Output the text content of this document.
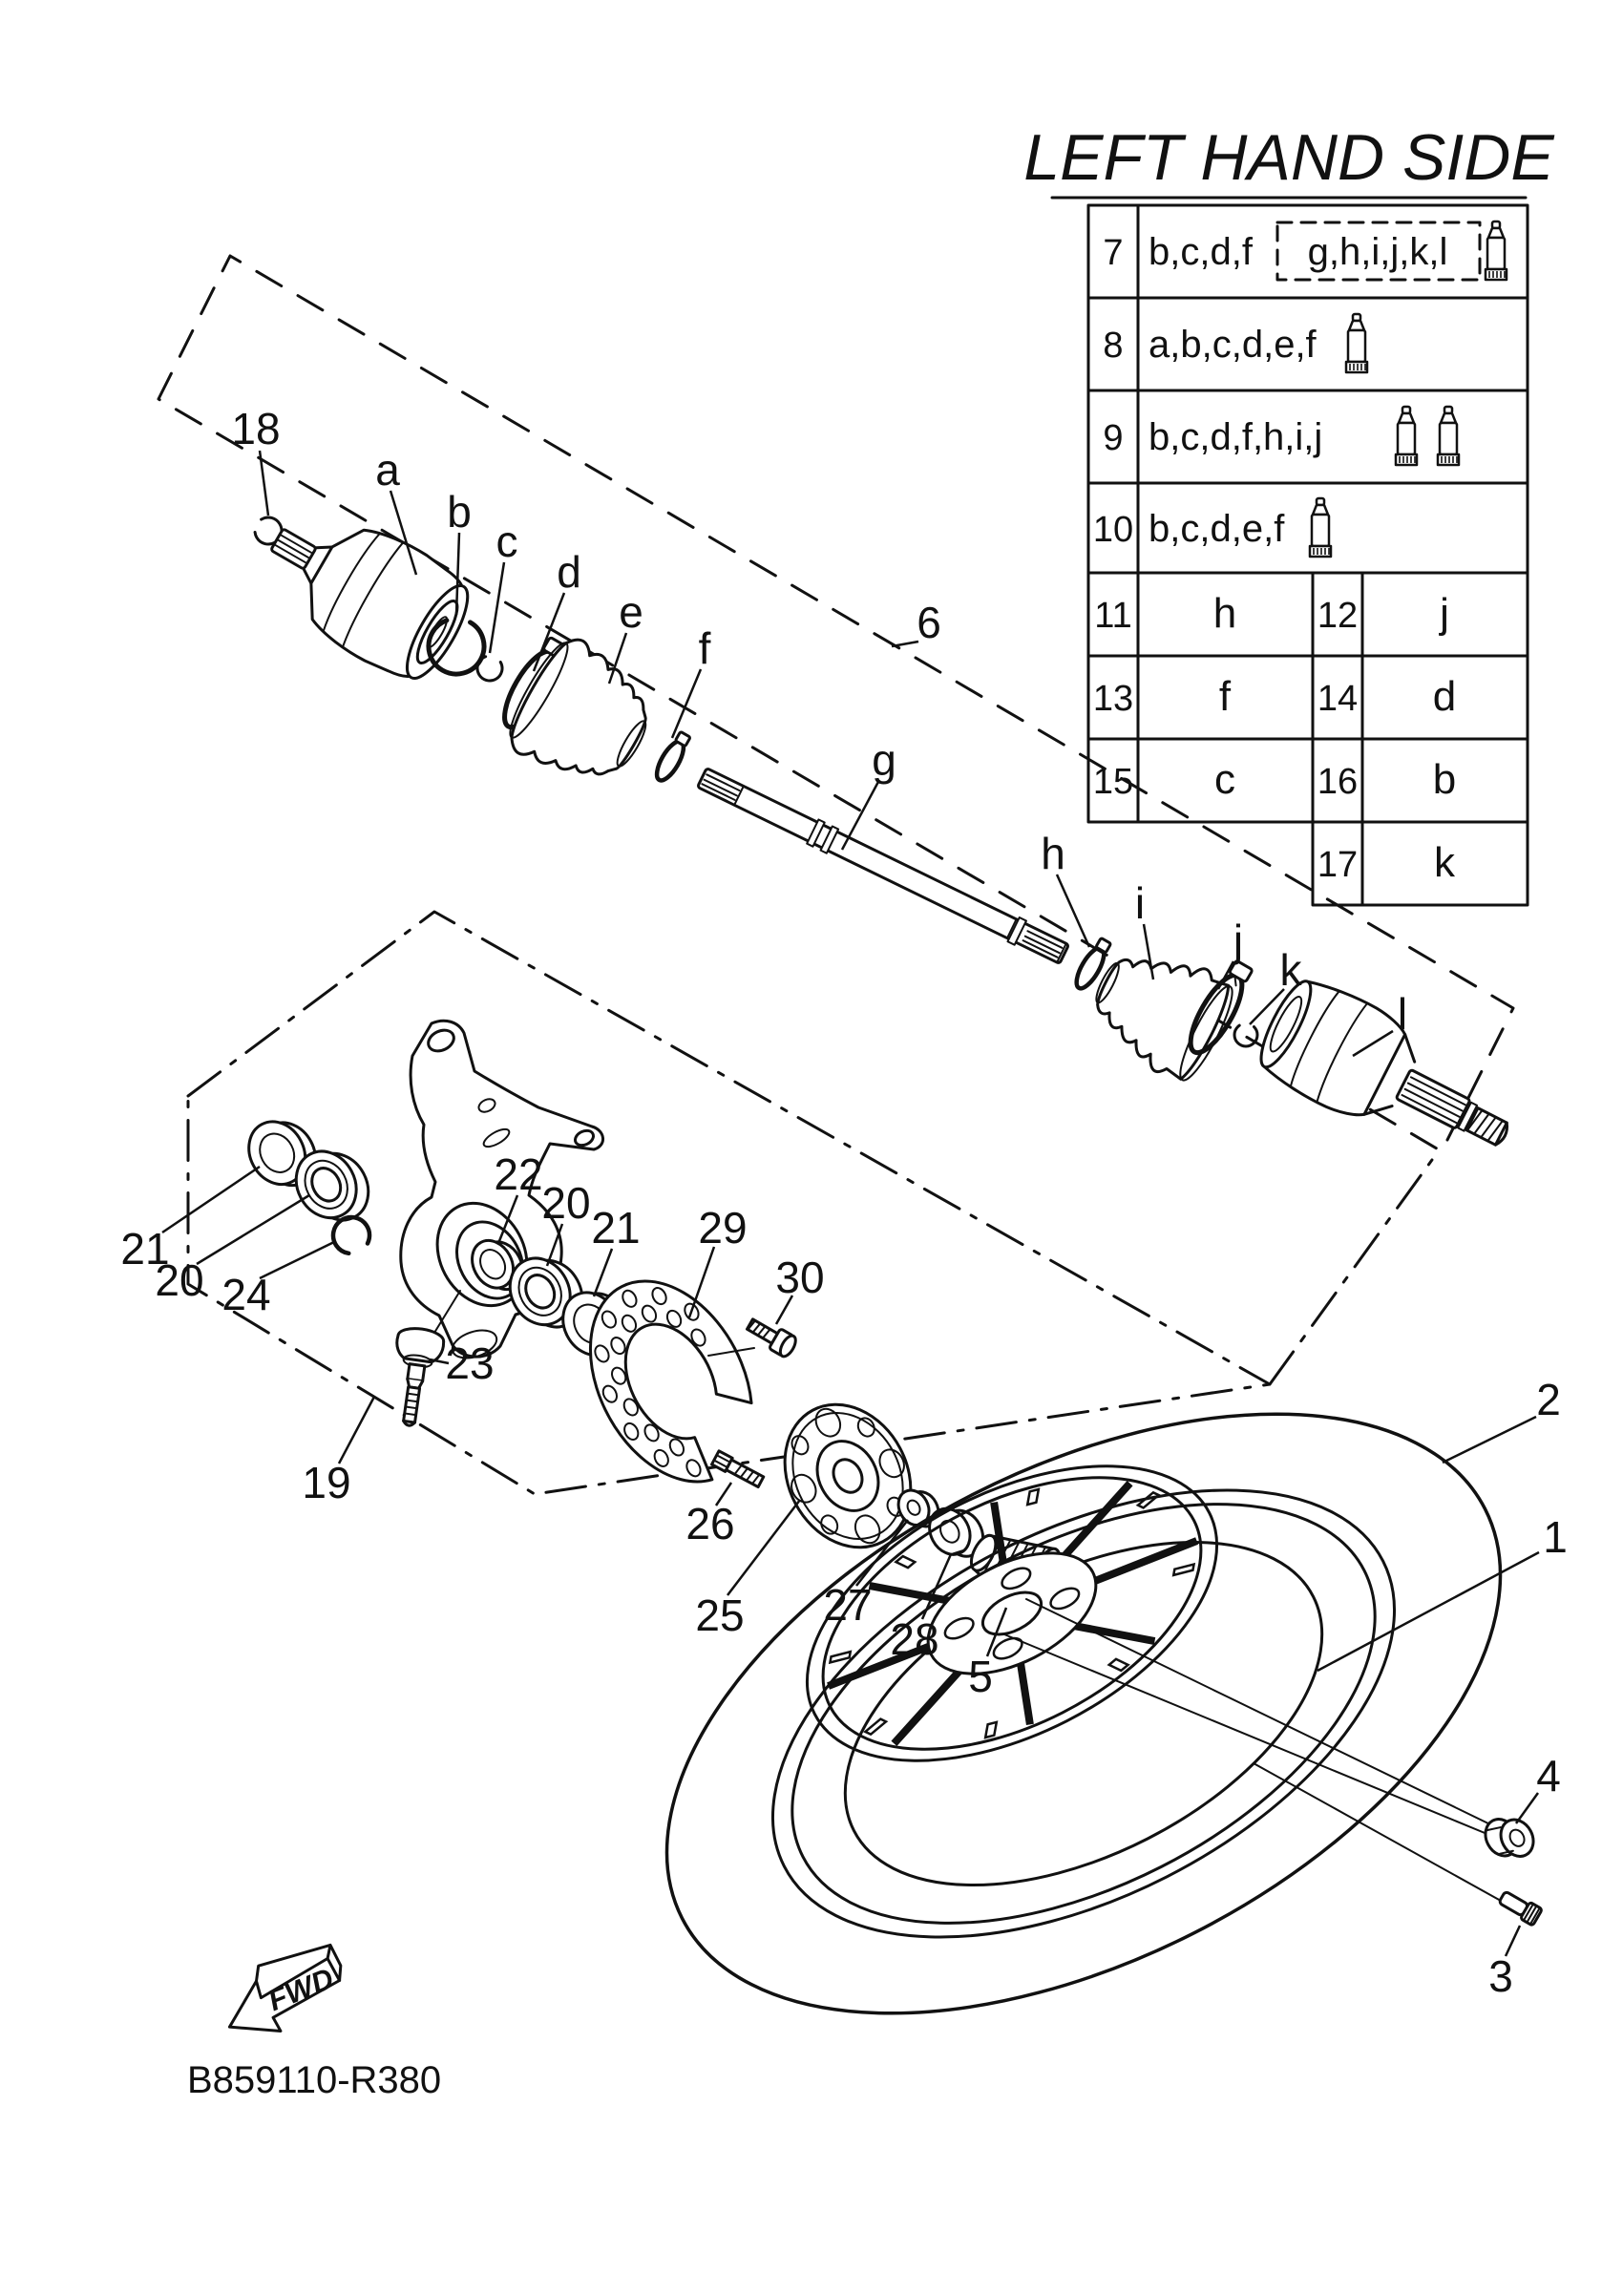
LEFT HAND SIDE
7 b,c,d,f g,h,i,j,k,l
8 a,b,c,d,e,f
9 b,c,d,f,h,i,j
10 b,c,d,e,f
11 h 12 j
13 f 14 d
15 c 16 b
17 k
FWD
B859110-R380
18
6
2
1
4
3
19
21
20 24
22
20 21
23
29
30
26
25 27
28
5
a
b
c
d
e
f
g
h
i
j
k
l
